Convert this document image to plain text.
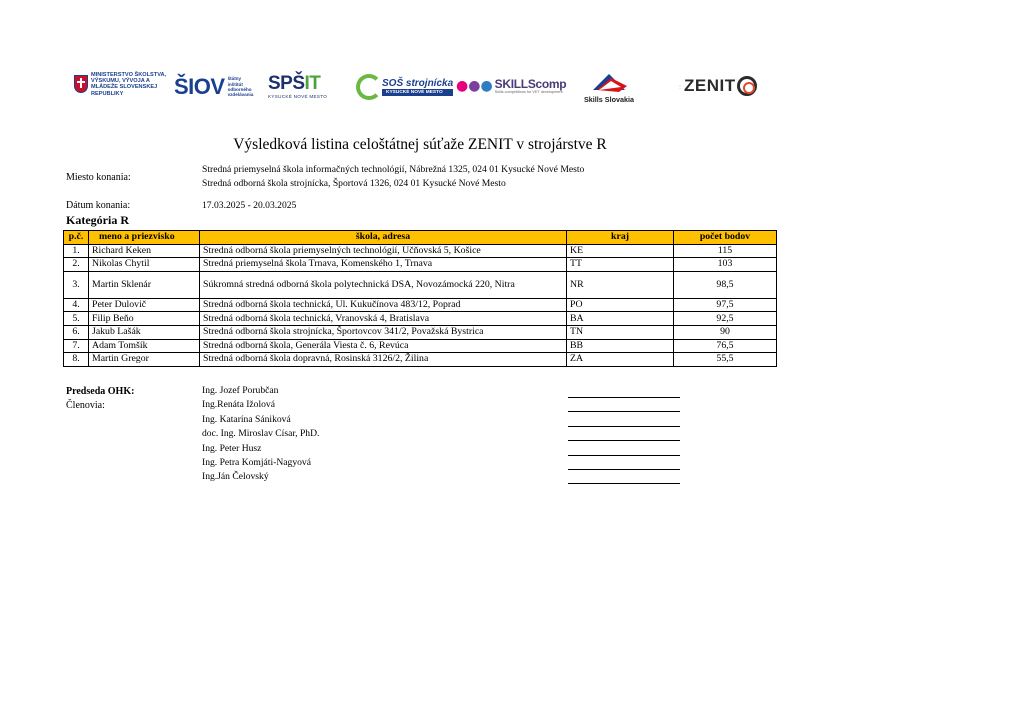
MINISTERSTVO ŠKOLSTVA, VÝSKUMU, VÝVOJA A MLÁDEŽE SLOVENSKEJ REPUBLIKY	ŠIOV štátny inštitút odborného vzdelávania
SPŠIT
KYSUCKÉ NOVÉ MESTO
SOŠ strojnícka
KYSUCKÉ NOVÉ MESTO ●●● SKILLScomp
Skills competitions for VET development
Skills Slovakia
⋮ ZENIT
Výsledková listina celoštátnej súťaže ZENIT v strojárstve R
Miesto konania:
Stredná priemyselná škola informačných technológií, Nábrežná 1325, 024 01 Kysucké Nové Mesto
Stredná odborná škola strojnícka, Športová 1326, 024 01 Kysucké Nové Mesto
Dátum konania:	17.03.2025 - 20.03.2025
Kategória R
p.č.	meno a priezvisko	škola, adresa	kraj	počet bodov
1.	Richard Keken	Stredná odborná škola priemyselných technológií, Učňovská 5, Košice	KE	115
2.	Nikolas Chytil	Stredná priemyselná škola Trnava, Komenského 1, Trnava	TT	103
3.	Martin Sklenár	Súkromná stredná odborná škola polytechnická DSA, Novozámocká 220, Nitra	NR	98,5
4.	Peter Dulovič	Stredná odborná škola technická, Ul. Kukučínova 483/12, Poprad	PO	97,5
5.	Filip Beňo	Stredná odborná škola technická, Vranovská 4, Bratislava	BA	92,5
6.	Jakub Lašák	Stredná odborná škola strojnícka, Športovcov 341/2, Považská Bystrica	TN	90
7.	Adam Tomšík	Stredná odborná škola, Generála Viesta č. 6, Revúca	BB	76,5
8.	Martin Gregor	Stredná odborná škola dopravná, Rosinská 3126/2, Žilina	ZA	55,5
Predseda OHK:
Členovia:
Ing. Jozef Porubčan
Ing.Renáta Ižolová
Ing. Katarína Sániková
doc. Ing. Miroslav Císar, PhD.
Ing. Peter Husz
Ing. Petra Komjáti-Nagyová
Ing.Ján Čelovský
